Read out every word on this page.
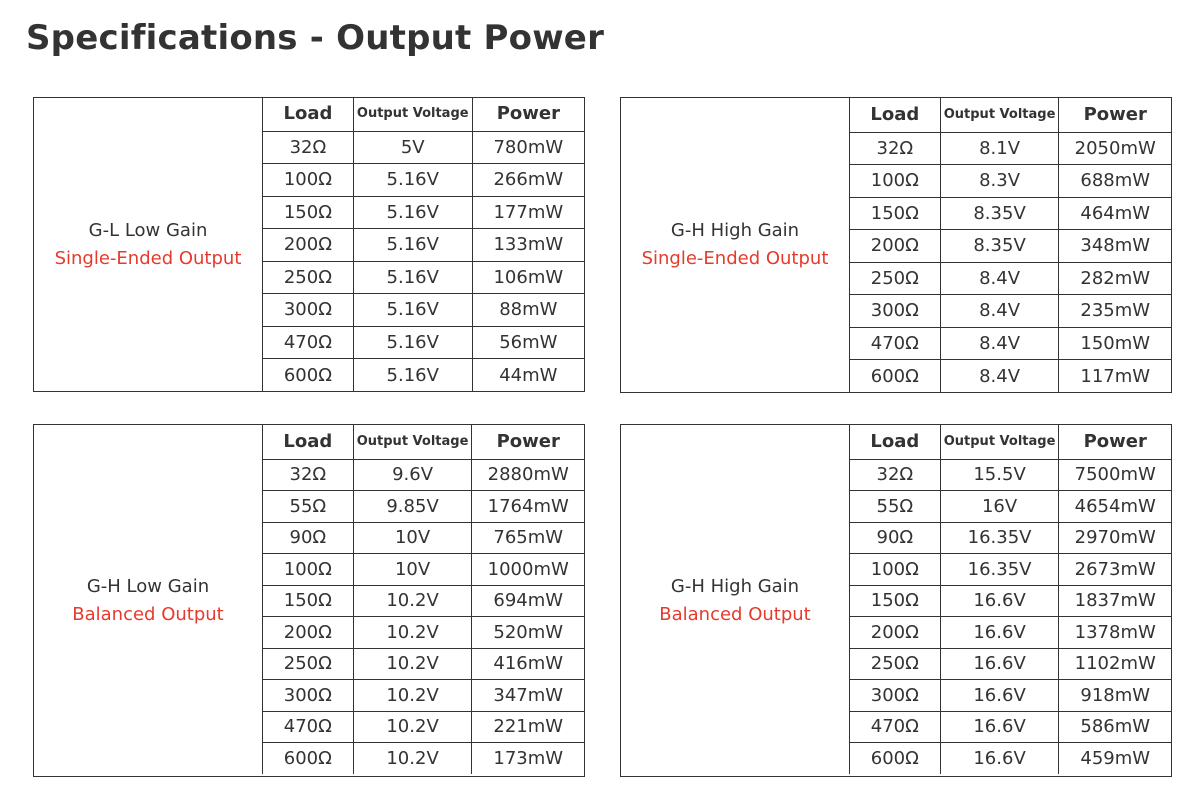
Specifications - Output Power
G-L Low Gain
Single-Ended Output
Load	Output Voltage	Power
32Ω	5V	780mW
100Ω	5.16V	266mW
150Ω	5.16V	177mW
200Ω	5.16V	133mW
250Ω	5.16V	106mW
300Ω	5.16V	88mW
470Ω	5.16V	56mW
600Ω	5.16V	44mW
G-H High Gain
Single-Ended Output
Load	Output Voltage	Power
32Ω	8.1V	2050mW
100Ω	8.3V	688mW
150Ω	8.35V	464mW
200Ω	8.35V	348mW
250Ω	8.4V	282mW
300Ω	8.4V	235mW
470Ω	8.4V	150mW
600Ω	8.4V	117mW
G-H Low Gain
Balanced Output
Load	Output Voltage	Power
32Ω	9.6V	2880mW
55Ω	9.85V	1764mW
90Ω	10V	765mW
100Ω	10V	1000mW
150Ω	10.2V	694mW
200Ω	10.2V	520mW
250Ω	10.2V	416mW
300Ω	10.2V	347mW
470Ω	10.2V	221mW
600Ω	10.2V	173mW
G-H High Gain
Balanced Output
Load	Output Voltage	Power
32Ω	15.5V	7500mW
55Ω	16V	4654mW
90Ω	16.35V	2970mW
100Ω	16.35V	2673mW
150Ω	16.6V	1837mW
200Ω	16.6V	1378mW
250Ω	16.6V	1102mW
300Ω	16.6V	918mW
470Ω	16.6V	586mW
600Ω	16.6V	459mW
